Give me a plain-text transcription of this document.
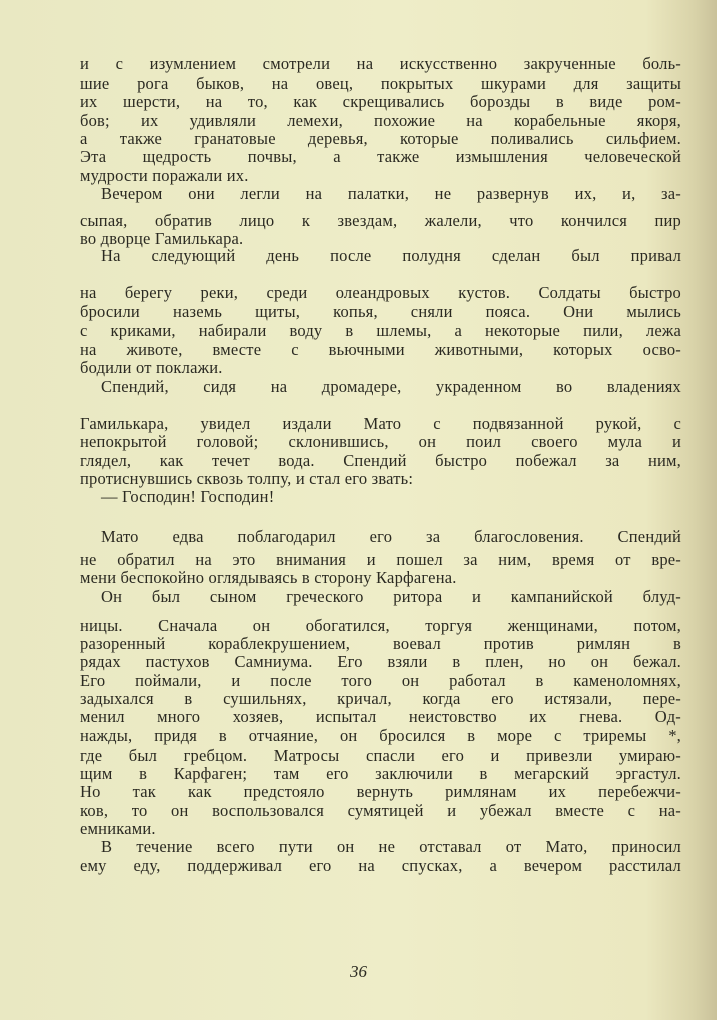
и с изумлением смотрели на искусственно закрученные боль-
шие рога быков, на овец, покрытых шкурами для защиты
их шерсти, на то, как скрещивались борозды в виде ром-
бов; их удивляли лемехи, похожие на корабельные якоря,
а также гранатовые деревья, которые поливались сильфием.
Эта щедрость почвы, а также измышления человеческой
мудрости поражали их.
Вечером они легли на палатки, не развернув их, и, за-
сыпая, обратив лицо к звездам, жалели, что кончился пир
во дворце Гамилькара.
На следующий день после полудня сделан был привал
на берегу реки, среди олеандровых кустов. Солдаты быстро
бросили наземь щиты, копья, сняли пояса. Они мылись
с криками, набирали воду в шлемы, а некоторые пили, лежа
на животе, вместе с вьючными животными, которых осво-
бодили от поклажи.
Спендий, сидя на дромадере, украденном во владениях
Гамилькара, увидел издали Мато с подвязанной рукой, с
непокрытой головой; склонившись, он поил своего мула и
глядел, как течет вода. Спендий быстро побежал за ним,
протиснувшись сквозь толпу, и стал его звать:
— Господин! Господин!
Мато едва поблагодарил его за благословения. Спендий
не обратил на это внимания и пошел за ним, время от вре-
мени беспокойно оглядываясь в сторону Карфагена.
Он был сыном греческого ритора и кампанийской блуд-
ницы. Сначала он обогатился, торгуя женщинами, потом,
разоренный кораблекрушением, воевал против римлян в
рядах пастухов Самниума. Его взяли в плен, но он бежал.
Его поймали, и после того он работал в каменоломнях,
задыхался в сушильнях, кричал, когда его истязали, пере-
менил много хозяев, испытал неистовство их гнева. Од-
нажды, придя в отчаяние, он бросился в море с триремы *,
где был гребцом. Матросы спасли его и привезли умираю-
щим в Карфаген; там его заключили в мегарский эргастул.
Но так как предстояло вернуть римлянам их перебежчи-
ков, то он воспользовался сумятицей и убежал вместе с на-
емниками.
В течение всего пути он не отставал от Мато, приносил
ему еду, поддерживал его на спусках, а вечером расстилал
36
